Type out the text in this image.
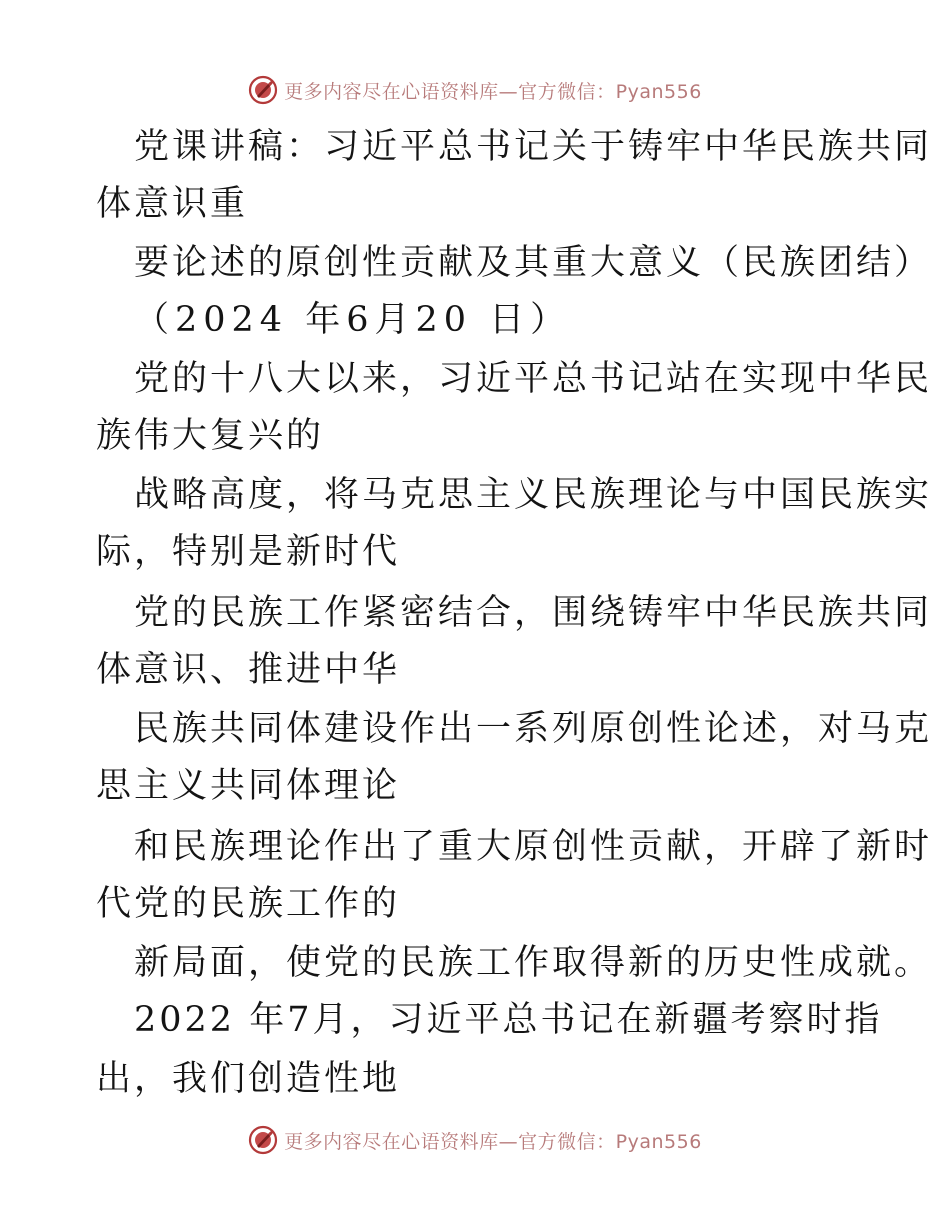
更多内容尽在心语资料库—官方微信：Pyan556
党课讲稿：习近平总书记关于铸牢中华民族共同
体意识重
要论述的原创性贡献及其重大意义（民族团结）
（2024 年6月20 日）
党的十八大以来，习近平总书记站在实现中华民
族伟大复兴的
战略高度，将马克思主义民族理论与中国民族实
际，特别是新时代
党的民族工作紧密结合，围绕铸牢中华民族共同
体意识、推进中华
民族共同体建设作出一系列原创性论述，对马克
思主义共同体理论
和民族理论作出了重大原创性贡献，开辟了新时
代党的民族工作的
新局面，使党的民族工作取得新的历史性成就。
2022 年7月，习近平总书记在新疆考察时指
出，我们创造性地
更多内容尽在心语资料库—官方微信：Pyan556
